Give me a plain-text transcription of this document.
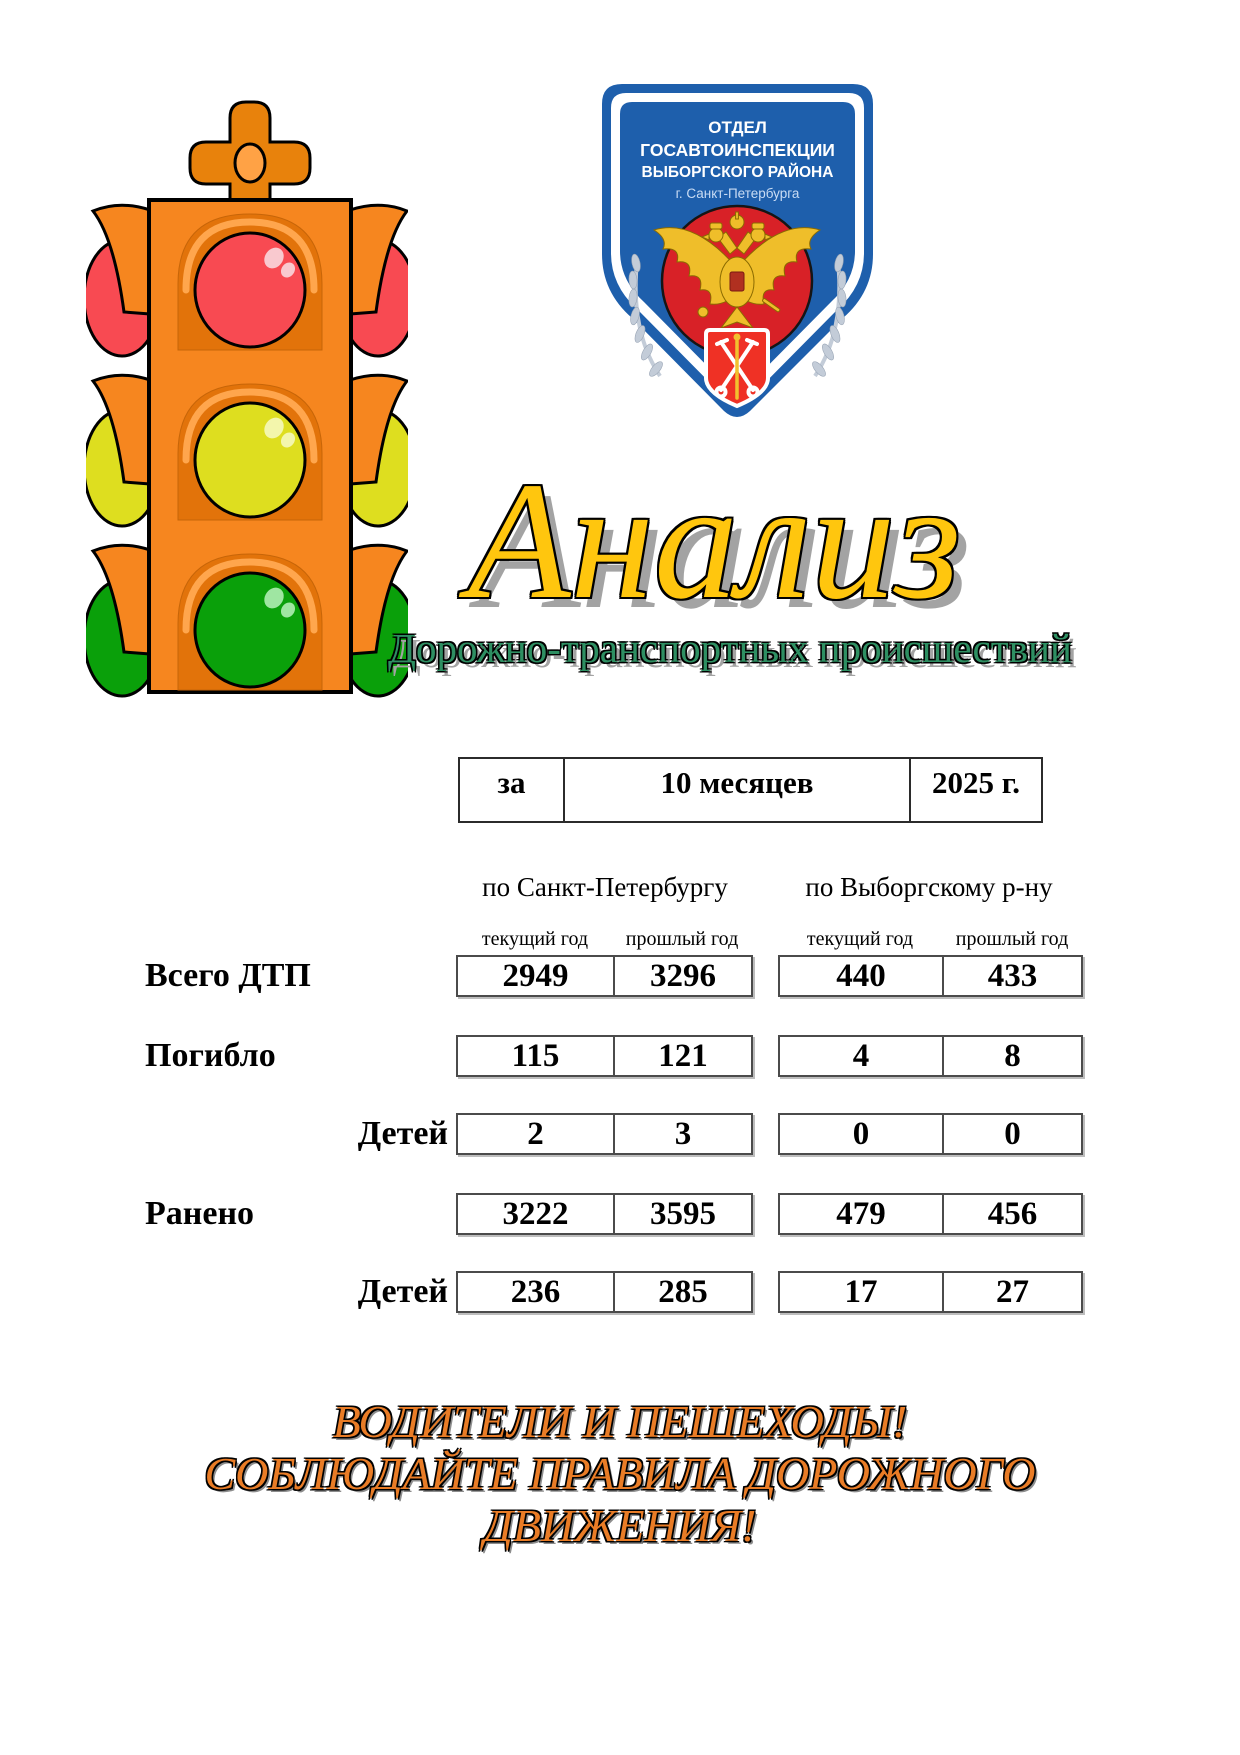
ОТДЕЛ
ГОСАВТОИНСПЕКЦИИ
ВЫБОРГСКОГО РАЙОНА
г. Санкт-Петербурга
Анализ
Дорожно-транспортных происшествий
за	10 месяцев	2025 г.
по Санкт-Петербургу	по Выборгскому р-ну
текущий год	прошлый год	текущий год	прошлый год
Всего ДТП	2949	3296	440	433
Погибло	115	121	4	8
Детей	2	3	0	0
Ранено	3222	3595	479	456
Детей	236	285	17	27
ВОДИТЕЛИ И ПЕШЕХОДЫ!
СОБЛЮДАЙТЕ ПРАВИЛА ДОРОЖНОГО
ДВИЖЕНИЯ!
